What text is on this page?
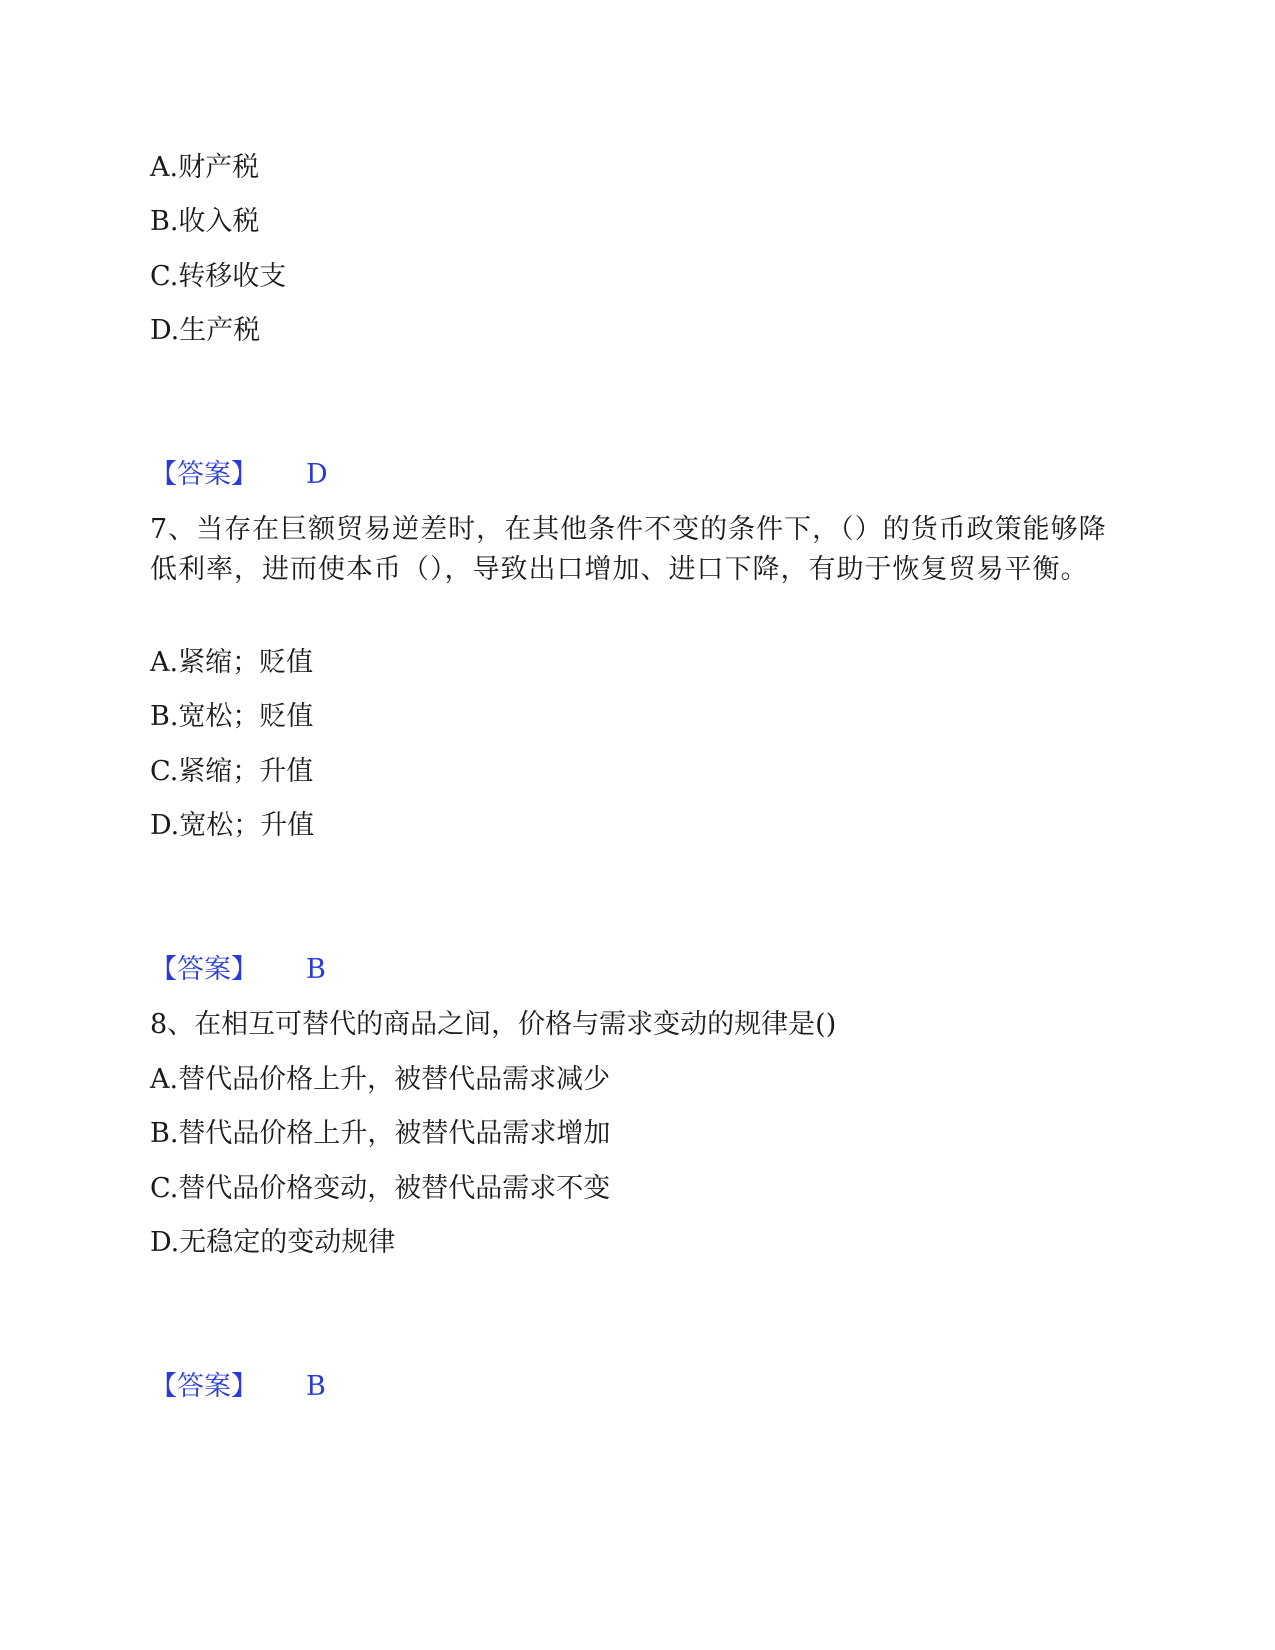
A.财产税
B.收入税
C.转移收支
D.生产税
【答案】 D
7、当存在巨额贸易逆差时，在其他条件不变的条件下，（）的货币政策能够降低利率，进而使本币（），导致出口增加、进口下降，有助于恢复贸易平衡。
A.紧缩；贬值
B.宽松；贬值
C.紧缩；升值
D.宽松；升值
【答案】 B
8、在相互可替代的商品之间，价格与需求变动的规律是()
A.替代品价格上升，被替代品需求减少
B.替代品价格上升，被替代品需求增加
C.替代品价格变动，被替代品需求不变
D.无稳定的变动规律
【答案】 B
